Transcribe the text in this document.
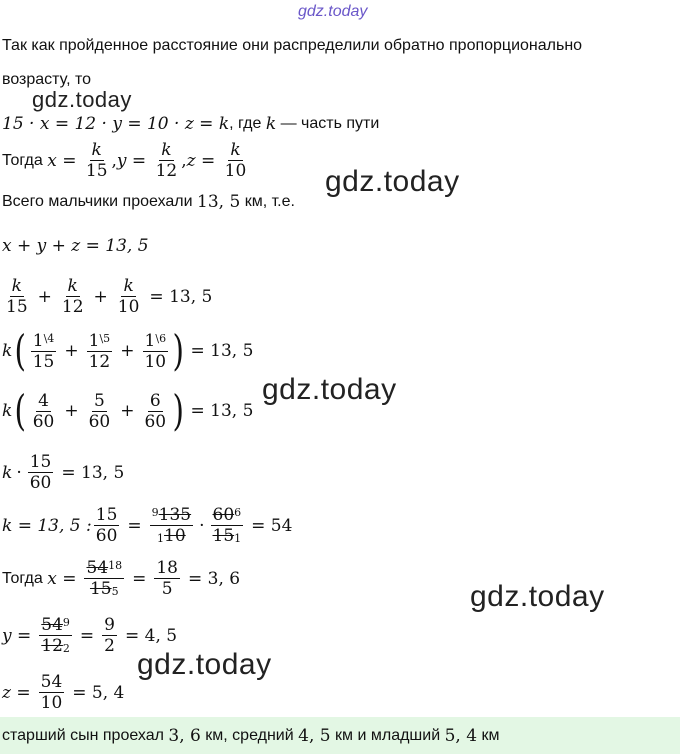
gdz.today
Так как пройденное расстояние они распределили обратно пропорционально
возрасту, то
gdz.today
15 · x = 12 · y = 10 · z = k , где k — часть пути
Тогда $x = \frac{k}{15}$ , $y = \frac{k}{12}$ , $z = \frac{k}{10}$
gdz.today
Всего мальчики проехали 13, 5 км, т.е.
x + y + z = 13, 5
k
15
+ $\frac{k}{12} + \frac{k}{10} = 13$, 5
k ( $1^{\backslash 4}$
15
+ $\frac{1^{\backslash 5}}{12} + \frac{1^{\backslash 6}}{10}$ ) = 13, 5
gdz.today
k ( 4
60
+ $\frac{5}{60} + \frac{6}{60}$ ) = 13, 5
$k \cdot \frac{15}{60} = 13$, 5
k = 13, 5 : $\frac{15}{60} = \frac{^9135}{110} \cdot \frac{60^6}{151} = 54$
Тогда $x = \frac{54^{18}}{155} = \frac{18}{5} = 3$, 6
gdz.today
$y = \frac{54^9}{122} = \frac{9}{2} = 4$, 5
gdz.today
$z = \frac{54}{10} = 5$, 4
старший сын проехал 3, 6 км, средний 4, 5 км и младший 5, 4 км
